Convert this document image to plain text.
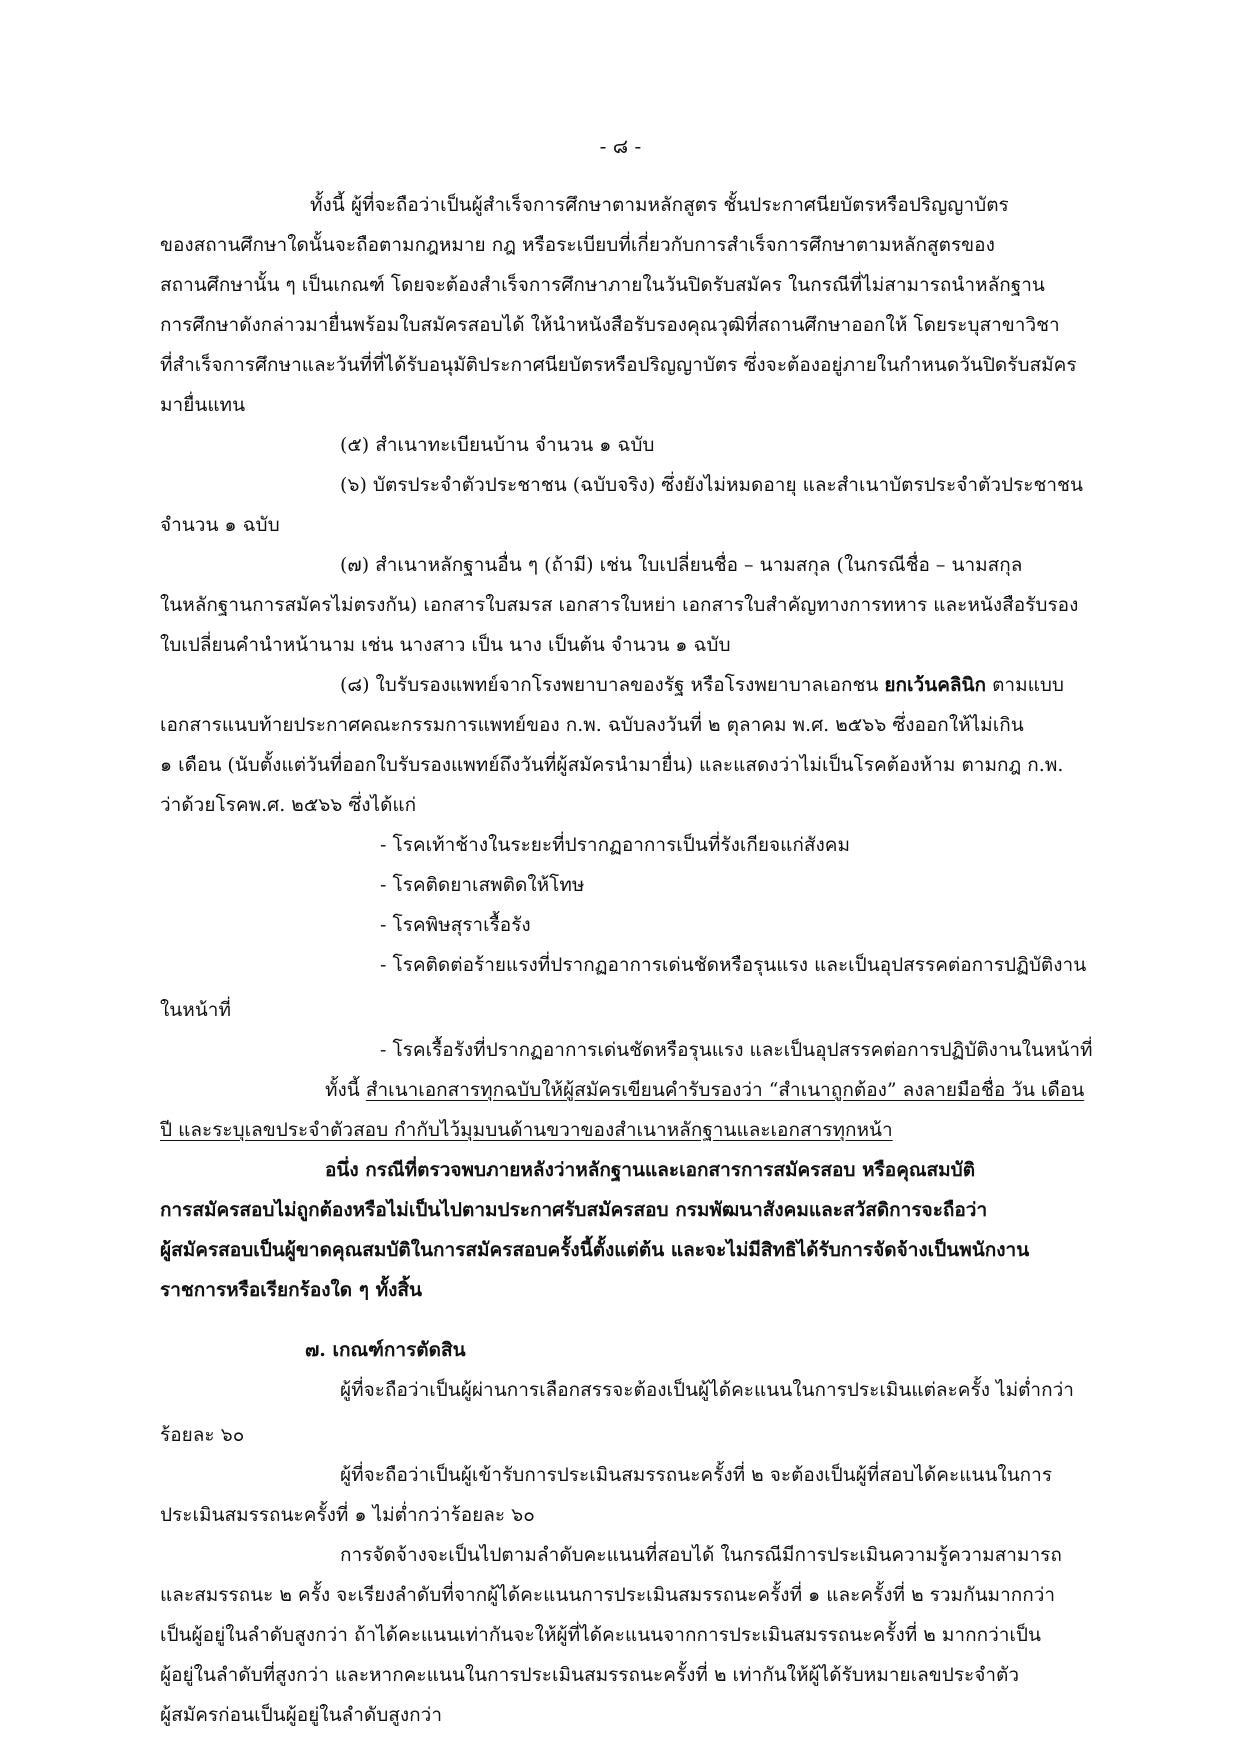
- ๘ -
ทั้งนี้ ผู้ที่จะถือว่าเป็นผู้สำเร็จการศึกษาตามหลักสูตร ชั้นประกาศนียบัตรหรือปริญญาบัตร
ของสถานศึกษาใดนั้นจะถือตามกฎหมาย กฎ หรือระเบียบที่เกี่ยวกับการสำเร็จการศึกษาตามหลักสูตรของ
สถานศึกษานั้น ๆ เป็นเกณฑ์ โดยจะต้องสำเร็จการศึกษาภายในวันปิดรับสมัคร ในกรณีที่ไม่สามารถนำหลักฐาน
การศึกษาดังกล่าวมายื่นพร้อมใบสมัครสอบได้ ให้นำหนังสือรับรองคุณวุฒิที่สถานศึกษาออกให้ โดยระบุสาขาวิชา
ที่สำเร็จการศึกษาและวันที่ที่ได้รับอนุมัติประกาศนียบัตรหรือปริญญาบัตร ซึ่งจะต้องอยู่ภายในกำหนดวันปิดรับสมัคร
มายื่นแทน
(๕) สำเนาทะเบียนบ้าน จำนวน ๑ ฉบับ
(๖) บัตรประจำตัวประชาชน (ฉบับจริง) ซึ่งยังไม่หมดอายุ และสำเนาบัตรประจำตัวประชาชน
จำนวน ๑ ฉบับ
(๗) สำเนาหลักฐานอื่น ๆ (ถ้ามี) เช่น ใบเปลี่ยนชื่อ – นามสกุล (ในกรณีชื่อ – นามสกุล
ในหลักฐานการสมัครไม่ตรงกัน) เอกสารใบสมรส เอกสารใบหย่า เอกสารใบสำคัญทางการทหาร และหนังสือรับรอง
ใบเปลี่ยนคำนำหน้านาม เช่น นางสาว เป็น นาง เป็นต้น จำนวน ๑ ฉบับ
(๘) ใบรับรองแพทย์จากโรงพยาบาลของรัฐ หรือโรงพยาบาลเอกชน ยกเว้นคลินิก ตามแบบ
เอกสารแนบท้ายประกาศคณะกรรมการแพทย์ของ ก.พ. ฉบับลงวันที่ ๒ ตุลาคม พ.ศ. ๒๕๖๖ ซึ่งออกให้ไม่เกิน
๑ เดือน (นับตั้งแต่วันที่ออกใบรับรองแพทย์ถึงวันที่ผู้สมัครนำมายื่น) และแสดงว่าไม่เป็นโรคต้องห้าม ตามกฎ ก.พ.
ว่าด้วยโรคพ.ศ. ๒๕๖๖ ซึ่งได้แก่
- โรคเท้าช้างในระยะที่ปรากฏอาการเป็นที่รังเกียจแก่สังคม
- โรคติดยาเสพติดให้โทษ
- โรคพิษสุราเรื้อรัง
- โรคติดต่อร้ายแรงที่ปรากฏอาการเด่นชัดหรือรุนแรง และเป็นอุปสรรคต่อการปฏิบัติงาน
ในหน้าที่
- โรคเรื้อรังที่ปรากฏอาการเด่นชัดหรือรุนแรง และเป็นอุปสรรคต่อการปฏิบัติงานในหน้าที่
ทั้งนี้ สำเนาเอกสารทุกฉบับให้ผู้สมัครเขียนคำรับรองว่า “สำเนาถูกต้อง” ลงลายมือชื่อ วัน เดือน
ปี และระบุเลขประจำตัวสอบ กำกับไว้มุมบนด้านขวาของสำเนาหลักฐานและเอกสารทุกหน้า
อนึ่ง กรณีที่ตรวจพบภายหลังว่าหลักฐานและเอกสารการสมัครสอบ หรือคุณสมบัติ
การสมัครสอบไม่ถูกต้องหรือไม่เป็นไปตามประกาศรับสมัครสอบ กรมพัฒนาสังคมและสวัสดิการจะถือว่า
ผู้สมัครสอบเป็นผู้ขาดคุณสมบัติในการสมัครสอบครั้งนี้ตั้งแต่ต้น และจะไม่มีสิทธิได้รับการจัดจ้างเป็นพนักงาน
ราชการหรือเรียกร้องใด ๆ ทั้งสิ้น
๗. เกณฑ์การตัดสิน
ผู้ที่จะถือว่าเป็นผู้ผ่านการเลือกสรรจะต้องเป็นผู้ได้คะแนนในการประเมินแต่ละครั้ง ไม่ต่ำกว่า
ร้อยละ ๖๐
ผู้ที่จะถือว่าเป็นผู้เข้ารับการประเมินสมรรถนะครั้งที่ ๒ จะต้องเป็นผู้ที่สอบได้คะแนนในการ
ประเมินสมรรถนะครั้งที่ ๑ ไม่ต่ำกว่าร้อยละ ๖๐
การจัดจ้างจะเป็นไปตามลำดับคะแนนที่สอบได้ ในกรณีมีการประเมินความรู้ความสามารถ
และสมรรถนะ ๒ ครั้ง จะเรียงลำดับที่จากผู้ได้คะแนนการประเมินสมรรถนะครั้งที่ ๑ และครั้งที่ ๒ รวมกันมากกว่า
เป็นผู้อยู่ในลำดับสูงกว่า ถ้าได้คะแนนเท่ากันจะให้ผู้ที่ได้คะแนนจากการประเมินสมรรถนะครั้งที่ ๒ มากกว่าเป็น
ผู้อยู่ในลำดับที่สูงกว่า และหากคะแนนในการประเมินสมรรถนะครั้งที่ ๒ เท่ากันให้ผู้ได้รับหมายเลขประจำตัว
ผู้สมัครก่อนเป็นผู้อยู่ในลำดับสูงกว่า
